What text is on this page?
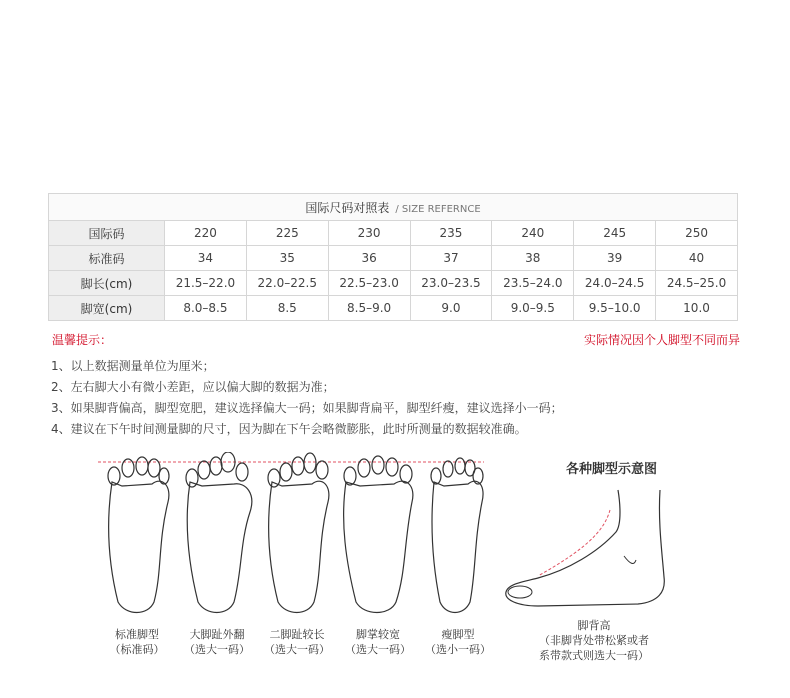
国际尺码对照表 / SIZE REFERNCE							
国际码	220	225	230	235	240	245	250
标准码	34	35	36	37	38	39	40
脚长(cm)	21.5–22.0	22.0–22.5	22.5–23.0	23.0–23.5	23.5–24.0	24.0–24.5	24.5–25.0
脚宽(cm)	8.0–8.5	8.5	8.5–9.0	9.0	9.0–9.5	9.5–10.0	10.0
温馨提示：	实际情况因个人脚型不同而异
1、以上数据测量单位为厘米；
2、左右脚大小有微小差距，应以偏大脚的数据为准；
3、如果脚背偏高，脚型宽肥，建议选择偏大一码；如果脚背扁平，脚型纤瘦，建议选择小一码；
4、建议在下午时间测量脚的尺寸，因为脚在下午会略微膨胀，此时所测量的数据较准确。
标准脚型
（标准码）
大脚趾外翻
（选大一码）
二脚趾较长
（选大一码）
脚掌较宽
（选大一码）
瘦脚型
（选小一码）
各种脚型示意图
脚背高
（非脚背处带松紧或者
系带款式则选大一码）
